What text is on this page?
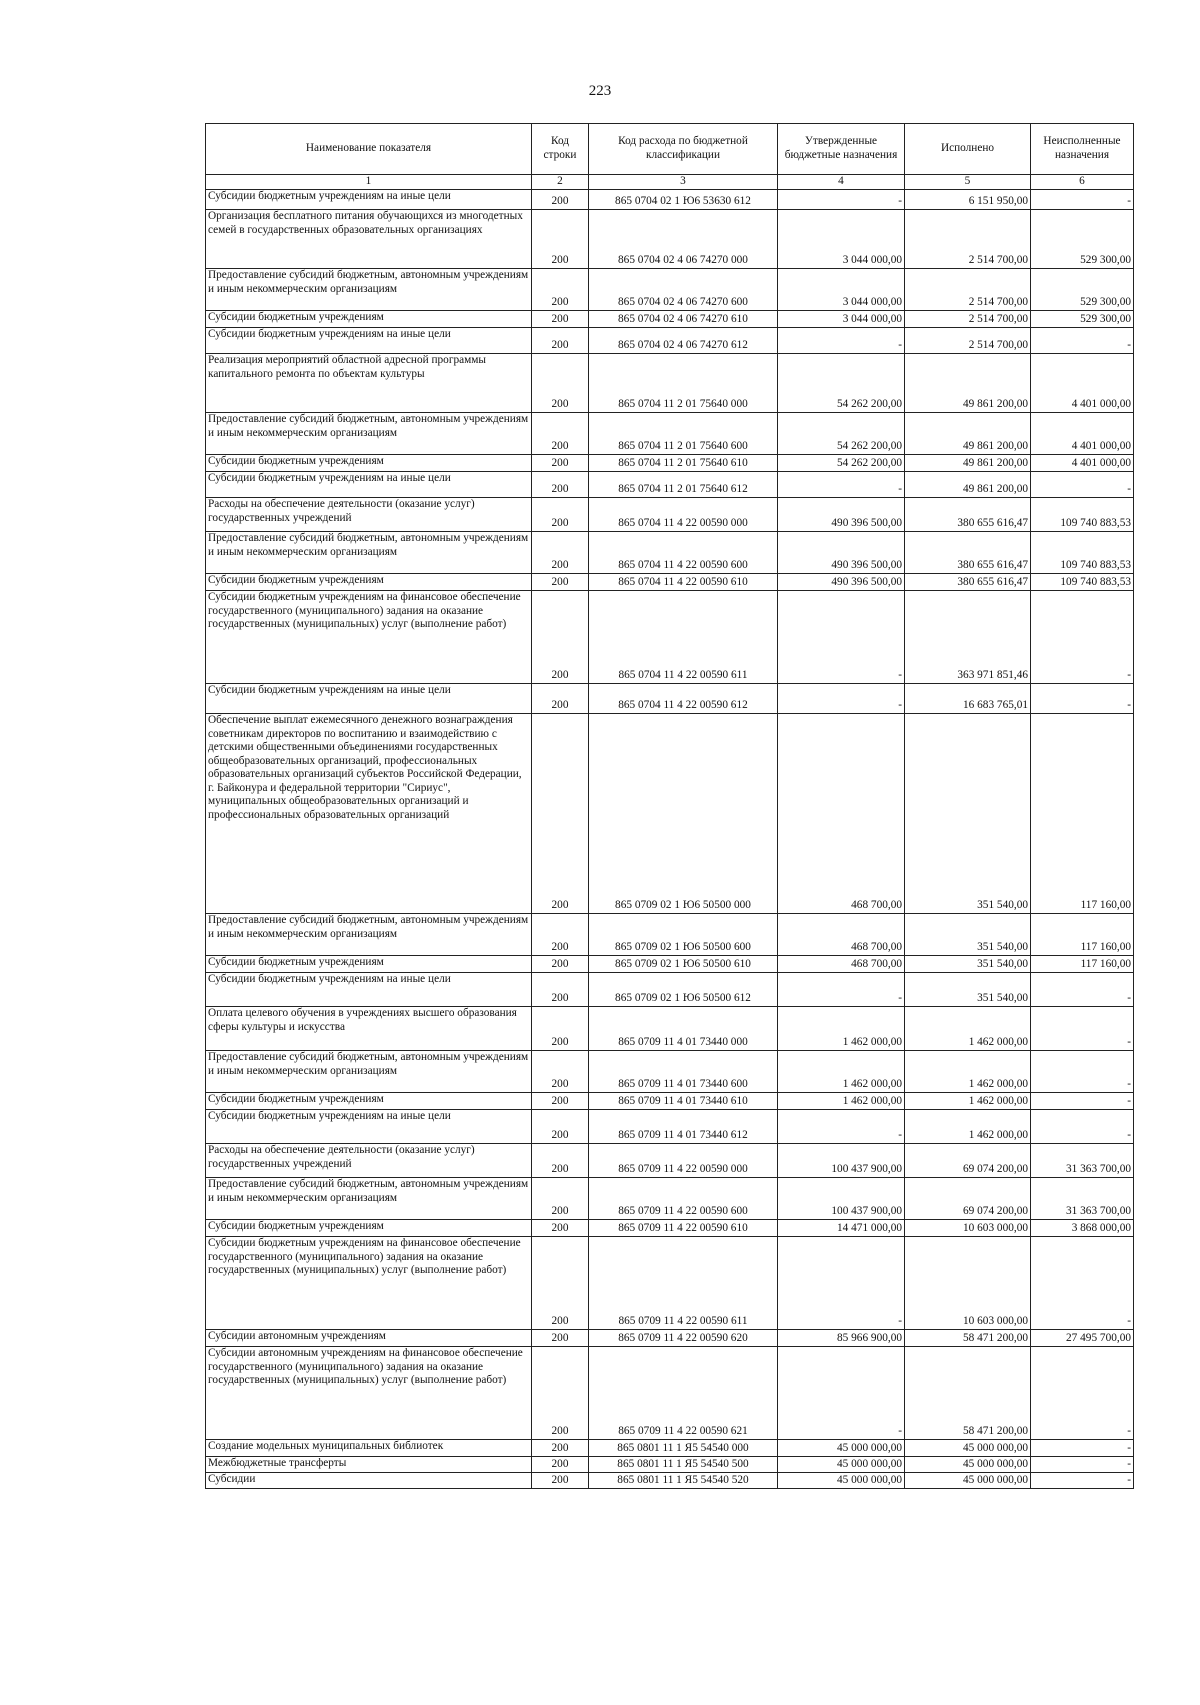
223
Наименование показателя	Код строки	Код расхода по бюджетной классификации	Утвержденные бюджетные назначения	Исполнено	Неисполненные назначения
1	2	3	4	5	6
Субсидии бюджетным учреждениям на иные цели	200	865 0704 02 1 Ю6 53630 612	-	6 151 950,00	-
Организация бесплатного питания обучающихся из многодетных семей в государственных образовательных организациях	200	865 0704 02 4 06 74270 000	3 044 000,00	2 514 700,00	529 300,00
Предоставление субсидий бюджетным, автономным учреждениям и иным некоммерческим организациям	200	865 0704 02 4 06 74270 600	3 044 000,00	2 514 700,00	529 300,00
Субсидии бюджетным учреждениям	200	865 0704 02 4 06 74270 610	3 044 000,00	2 514 700,00	529 300,00
Субсидии бюджетным учреждениям на иные цели	200	865 0704 02 4 06 74270 612	-	2 514 700,00	-
Реализация мероприятий областной адресной программы капитального ремонта по объектам культуры	200	865 0704 11 2 01 75640 000	54 262 200,00	49 861 200,00	4 401 000,00
Предоставление субсидий бюджетным, автономным учреждениям и иным некоммерческим организациям	200	865 0704 11 2 01 75640 600	54 262 200,00	49 861 200,00	4 401 000,00
Субсидии бюджетным учреждениям	200	865 0704 11 2 01 75640 610	54 262 200,00	49 861 200,00	4 401 000,00
Субсидии бюджетным учреждениям на иные цели	200	865 0704 11 2 01 75640 612	-	49 861 200,00	-
Расходы на обеспечение деятельности (оказание услуг) государственных учреждений	200	865 0704 11 4 22 00590 000	490 396 500,00	380 655 616,47	109 740 883,53
Предоставление субсидий бюджетным, автономным учреждениям и иным некоммерческим организациям	200	865 0704 11 4 22 00590 600	490 396 500,00	380 655 616,47	109 740 883,53
Субсидии бюджетным учреждениям	200	865 0704 11 4 22 00590 610	490 396 500,00	380 655 616,47	109 740 883,53
Субсидии бюджетным учреждениям на финансовое обеспечение государственного (муниципального) задания на оказание государственных (муниципальных) услуг (выполнение работ)	200	865 0704 11 4 22 00590 611	-	363 971 851,46	-
Субсидии бюджетным учреждениям на иные цели	200	865 0704 11 4 22 00590 612	-	16 683 765,01	-
Обеспечение выплат ежемесячного денежного вознаграждения советникам директоров по воспитанию и взаимодействию с детскими общественными объединениями государственных общеобразовательных организаций, профессиональных образовательных организаций субъектов Российской Федерации, г. Байконура и федеральной территории "Сириус", муниципальных общеобразовательных организаций и профессиональных образовательных организаций	200	865 0709 02 1 Ю6 50500 000	468 700,00	351 540,00	117 160,00
Предоставление субсидий бюджетным, автономным учреждениям и иным некоммерческим организациям	200	865 0709 02 1 Ю6 50500 600	468 700,00	351 540,00	117 160,00
Субсидии бюджетным учреждениям	200	865 0709 02 1 Ю6 50500 610	468 700,00	351 540,00	117 160,00
Субсидии бюджетным учреждениям на иные цели	200	865 0709 02 1 Ю6 50500 612	-	351 540,00	-
Оплата целевого обучения в учреждениях высшего образования сферы культуры и искусства	200	865 0709 11 4 01 73440 000	1 462 000,00	1 462 000,00	-
Предоставление субсидий бюджетным, автономным учреждениям и иным некоммерческим организациям	200	865 0709 11 4 01 73440 600	1 462 000,00	1 462 000,00	-
Субсидии бюджетным учреждениям	200	865 0709 11 4 01 73440 610	1 462 000,00	1 462 000,00	-
Субсидии бюджетным учреждениям на иные цели	200	865 0709 11 4 01 73440 612	-	1 462 000,00	-
Расходы на обеспечение деятельности (оказание услуг) государственных учреждений	200	865 0709 11 4 22 00590 000	100 437 900,00	69 074 200,00	31 363 700,00
Предоставление субсидий бюджетным, автономным учреждениям и иным некоммерческим организациям	200	865 0709 11 4 22 00590 600	100 437 900,00	69 074 200,00	31 363 700,00
Субсидии бюджетным учреждениям	200	865 0709 11 4 22 00590 610	14 471 000,00	10 603 000,00	3 868 000,00
Субсидии бюджетным учреждениям на финансовое обеспечение государственного (муниципального) задания на оказание государственных (муниципальных) услуг (выполнение работ)	200	865 0709 11 4 22 00590 611	-	10 603 000,00	-
Субсидии автономным учреждениям	200	865 0709 11 4 22 00590 620	85 966 900,00	58 471 200,00	27 495 700,00
Субсидии автономным учреждениям на финансовое обеспечение государственного (муниципального) задания на оказание государственных (муниципальных) услуг (выполнение работ)	200	865 0709 11 4 22 00590 621	-	58 471 200,00	-
Создание модельных муниципальных библиотек	200	865 0801 11 1 Я5 54540 000	45 000 000,00	45 000 000,00	-
Межбюджетные трансферты	200	865 0801 11 1 Я5 54540 500	45 000 000,00	45 000 000,00	-
Субсидии	200	865 0801 11 1 Я5 54540 520	45 000 000,00	45 000 000,00	-
